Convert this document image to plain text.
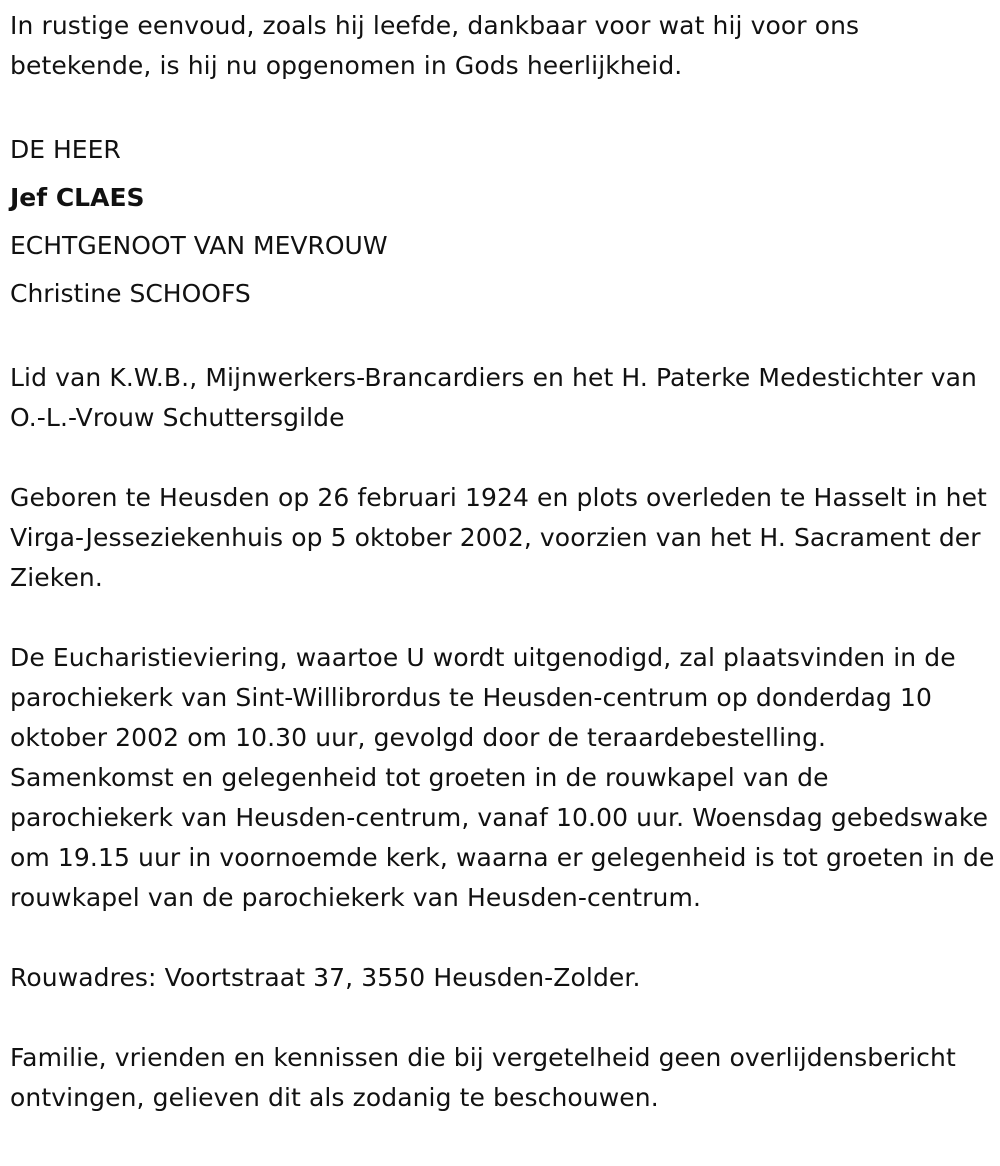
In rustige eenvoud, zoals hij leefde, dankbaar voor wat hij voor ons betekende, is hij nu opgenomen in Gods heerlijkheid.

DE HEER

Jef CLAES

ECHTGENOOT VAN MEVROUW

Christine SCHOOFS

Lid van K.W.B., Mijnwerkers-Brancardiers en het H. Paterke Medestichter van O.-L.-Vrouw Schuttersgilde

Geboren te Heusden op 26 februari 1924 en plots overleden te Hasselt in het Virga-Jesseziekenhuis op 5 oktober 2002, voorzien van het H. Sacrament der Zieken.

De Eucharistieviering, waartoe U wordt uitgenodigd, zal plaatsvinden in de parochiekerk van Sint-Willibrordus te Heusden-centrum op donderdag 10 oktober 2002 om 10.30 uur, gevolgd door de teraardebestelling. Samenkomst en gelegenheid tot groeten in de rouwkapel van de parochiekerk van Heusden-centrum, vanaf 10.00 uur. Woensdag gebedswake om 19.15 uur in voornoemde kerk, waarna er gelegenheid is tot groeten in de rouwkapel van de parochiekerk van Heusden-centrum.

Rouwadres: Voortstraat 37, 3550 Heusden-Zolder.

Familie, vrienden en kennissen die bij vergetelheid geen overlijdensbericht ontvingen, gelieven dit als zodanig te beschouwen.
